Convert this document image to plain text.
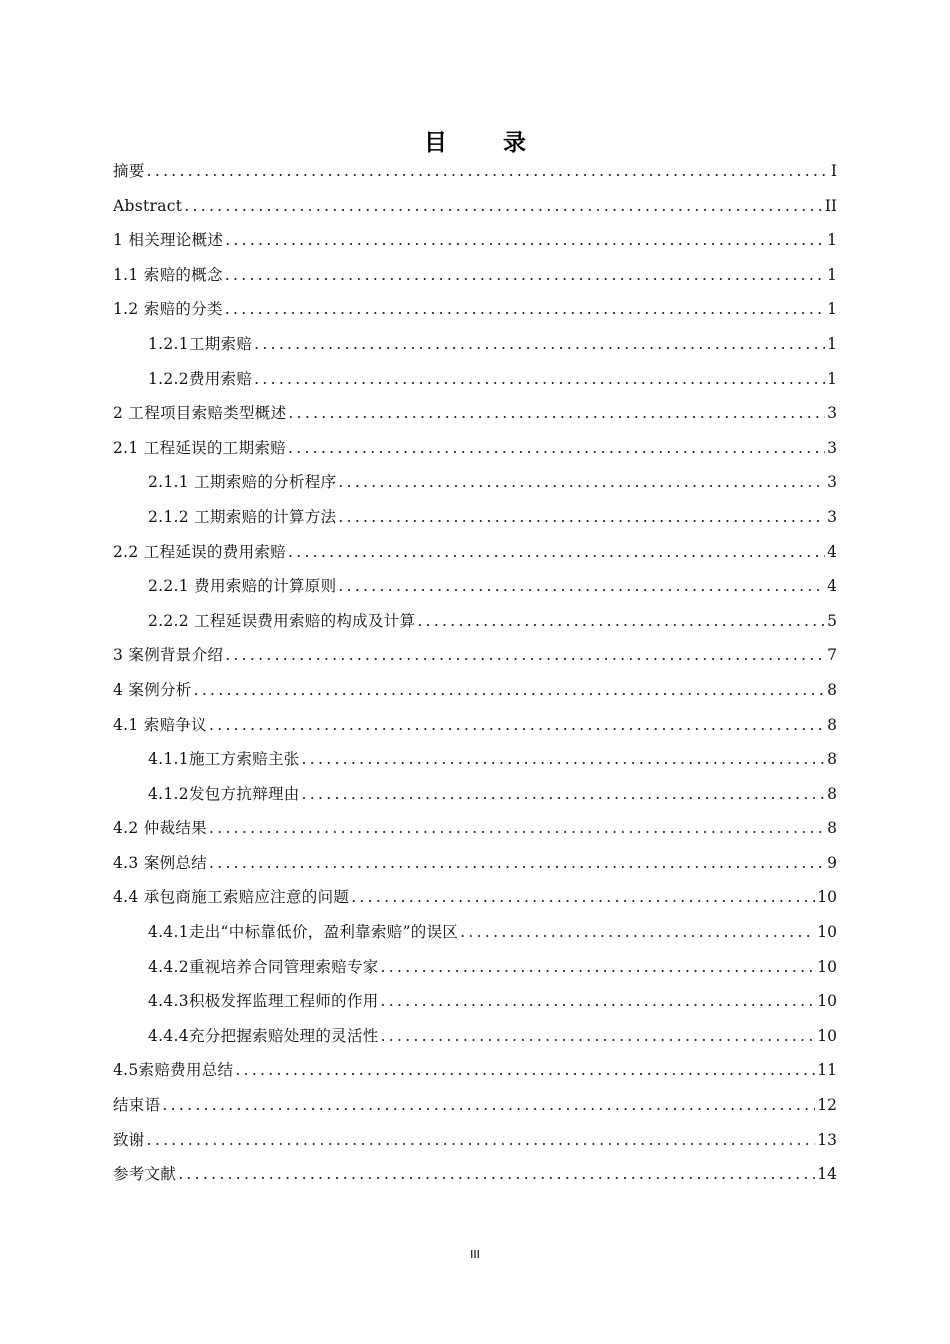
目 录
摘要 .....	I
Abstract .....	II
1 相关理论概述 .....	1
1.1 索赔的概念 .....	1
1.2 索赔的分类 .....	1
1.2.1工期索赔 .....	1
1.2.2费用索赔 .....	1
2 工程项目索赔类型概述 .....	3
2.1 工程延误的工期索赔 .....	3
2.1.1 工期索赔的分析程序 .....	3
2.1.2 工期索赔的计算方法 .....	3
2.2 工程延误的费用索赔 .....	4
2.2.1 费用索赔的计算原则 .....	4
2.2.2 工程延误费用索赔的构成及计算 .....	5
3 案例背景介绍 .....	7
4 案例分析 .....	8
4.1 索赔争议 .....	8
4.1.1施工方索赔主张 .....	8
4.1.2发包方抗辩理由 .....	8
4.2 仲裁结果 .....	8
4.3 案例总结 .....	9
4.4 承包商施工索赔应注意的问题 .....	10
4.4.1走出“中标靠低价，盈利靠索赔”的误区 .....	10
4.4.2重视培养合同管理索赔专家 .....	10
4.4.3积极发挥监理工程师的作用 .....	10
4.4.4充分把握索赔处理的灵活性 .....	10
4.5索赔费用总结 .....	11
结束语 .....	12
致谢 .....	13
参考文献 .....	14
III
